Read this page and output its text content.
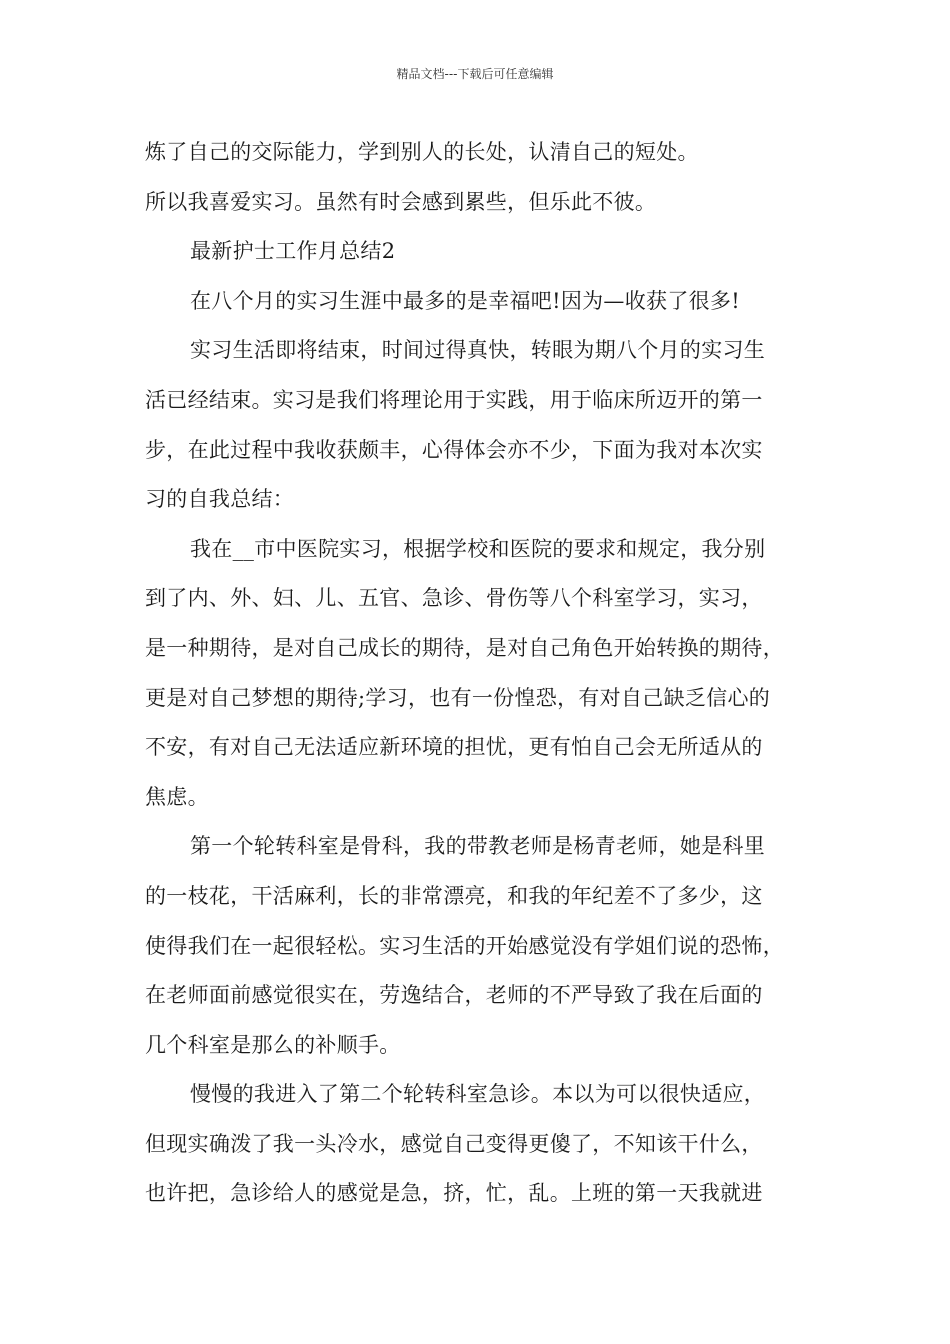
精品文档---下载后可任意编辑
炼了自己的交际能力，学到别人的长处，认清自己的短处。
所以我喜爱实习。虽然有时会感到累些，但乐此不彼。
最新护士工作月总结2
在八个月的实习生涯中最多的是幸福吧!因为—收获了很多!
实习生活即将结束，时间过得真快，转眼为期八个月的实习生
活已经结束。实习是我们将理论用于实践，用于临床所迈开的第一
步，在此过程中我收获颇丰，心得体会亦不少，下面为我对本次实
习的自我总结：
我在__市中医院实习，根据学校和医院的要求和规定，我分别
到了内、外、妇、儿、五官、急诊、骨伤等八个科室学习，实习，
是一种期待，是对自己成长的期待，是对自己角色开始转换的期待，
更是对自己梦想的期待;学习，也有一份惶恐，有对自己缺乏信心的
不安，有对自己无法适应新环境的担忧，更有怕自己会无所适从的
焦虑。
第一个轮转科室是骨科，我的带教老师是杨青老师，她是科里
的一枝花，干活麻利，长的非常漂亮，和我的年纪差不了多少，这
使得我们在一起很轻松。实习生活的开始感觉没有学姐们说的恐怖，
在老师面前感觉很实在，劳逸结合，老师的不严导致了我在后面的
几个科室是那么的补顺手。
慢慢的我进入了第二个轮转科室急诊。本以为可以很快适应，
但现实确泼了我一头冷水，感觉自己变得更傻了，不知该干什么，
也许把，急诊给人的感觉是急，挤，忙，乱。上班的第一天我就进
